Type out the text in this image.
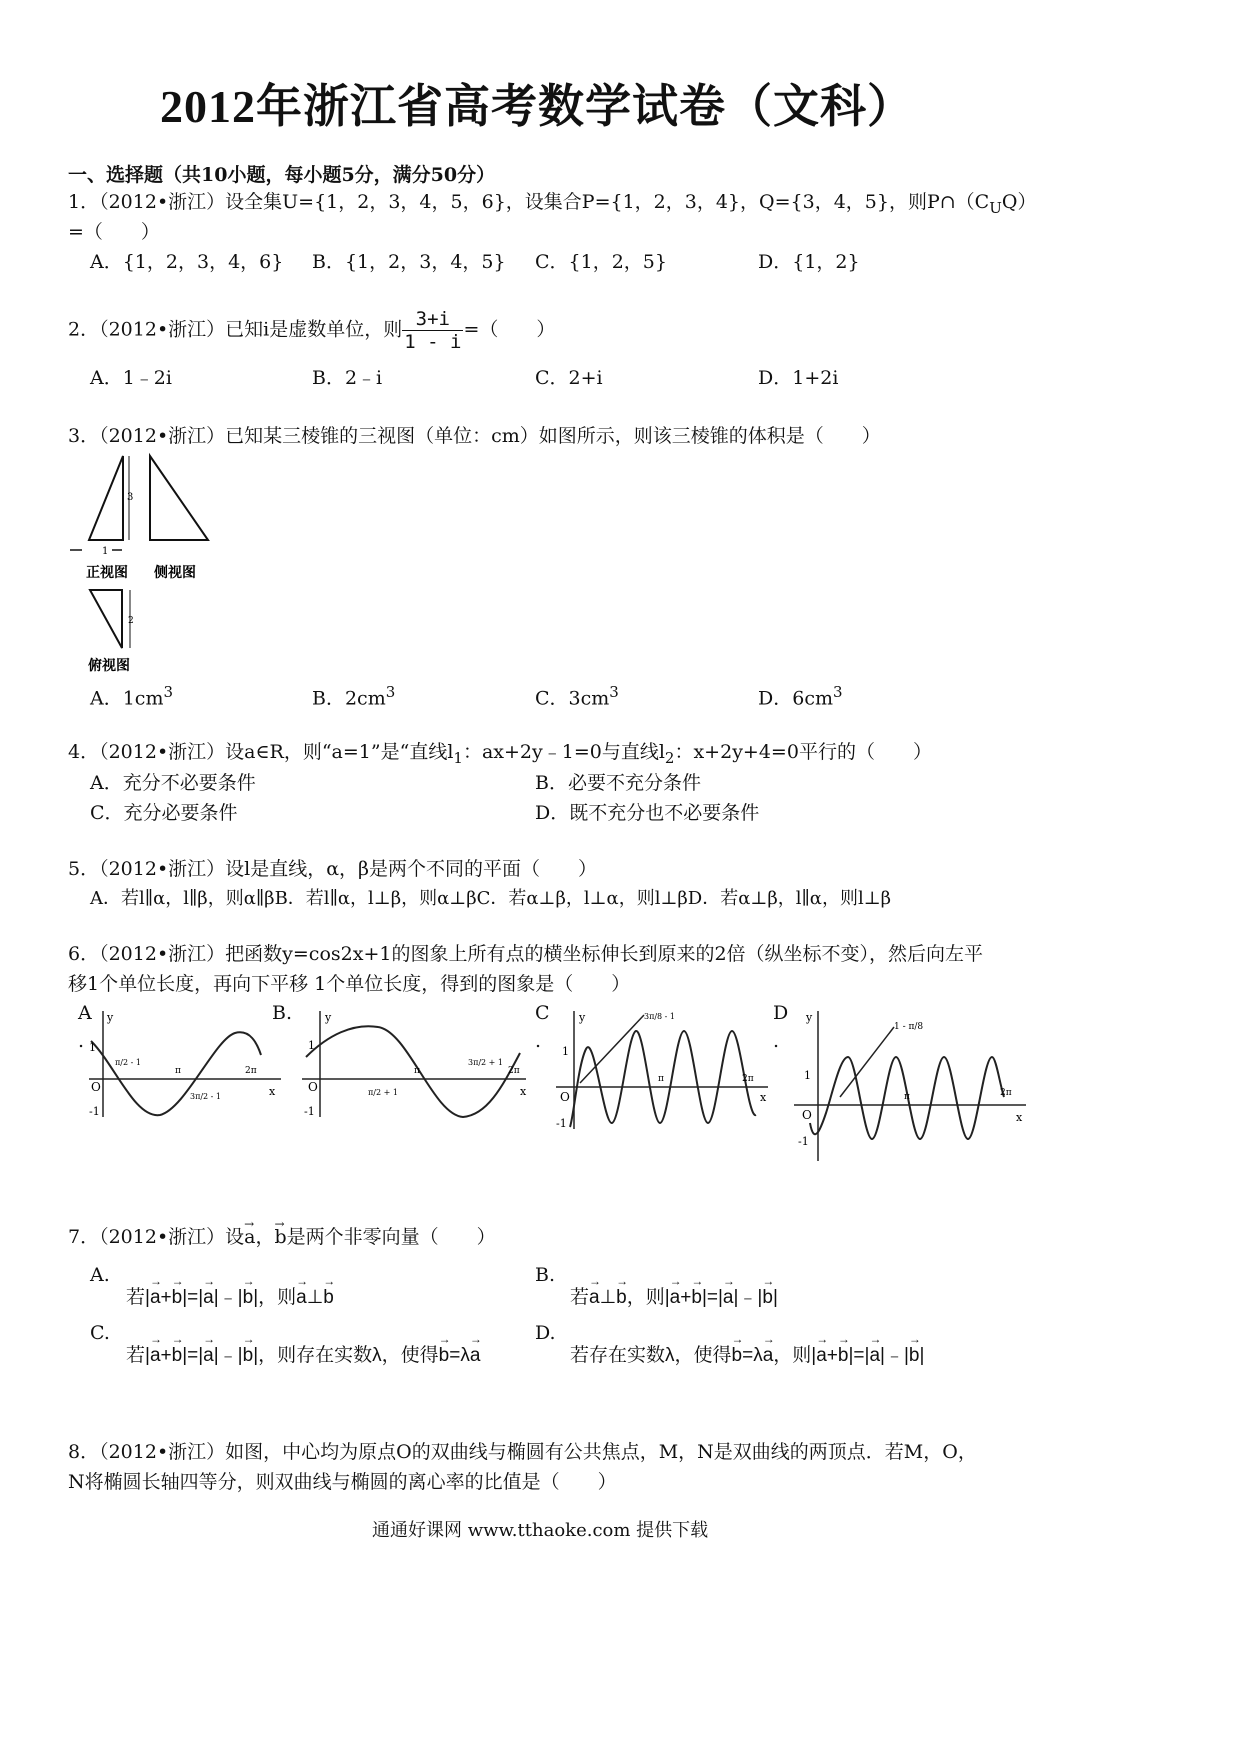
2012年浙江省高考数学试卷（文科）
一、选择题（共10小题，每小题5分，满分50分）
1．（2012•浙江）设全集U={1，2，3，4，5，6}，设集合P={1，2，3，4}，Q={3，4，5}，则$P\cap(C_UQ)$
=（　　）
A．{1，2，3，4，6} B．{1，2，3，4，5} C．{1，2，5}	D．{1，2}
2．（2012•浙江）已知i是虚数单位，则 $\frac{3+i}{1 - i}$ =（　　）
A．1﹣2i	B．2﹣i	C．2+i	D．1+2i
3．（2012•浙江）已知某三棱锥的三视图（单位：cm）如图所示，则该三棱锥的体积是（　　）
3
1
2
正视图 侧视图
俯视图
A．$1cm^3$	B．$2cm^3$	C．$3cm^3$	D．$6cm^3$
4．（2012•浙江）设a∈R，则“a=1”是“直线$l_1$：ax+2y﹣1=0与直线$l_2$：x+2y+4=0平行的（　　）
A．充分不必要条件	B．必要不充分条件
C．充分必要条件	D．既不充分也不必要条件
5．（2012•浙江）设l是直线，α，β是两个不同的平面（　　）
A．若l∥α，l∥β，则α∥βB．若l∥α，l⊥β，则α⊥βC．若α⊥β，l⊥α，则l⊥βD．若α⊥β，l∥α，则l⊥β
6．（2012•浙江）把函数y=cos2x+1的图象上所有点的横坐标伸长到原来的2倍（纵坐标不变），然后向左平
移1个单位长度，再向下平移 1个单位长度，得到的图象是（　　）
A
.
y
x
O
1
-1
π/2 - 1
π
3π/2 - 1
2π
B.	y
x
O
1
-1
π/2 + 1
π
3π/2 + 1
2π
C
.
y
x
O
1
-1
3π/8 - 1
π	2π
D
.
y
x
O
1
-1
1 - π/8
π	2π
7．（2012•浙江）设→ a，→ b是两个非零向量（　　）
A.
若|→ a+→ b|=|→ a|﹣|→ b|，则→ a⊥→ b
B.
若→ a⊥→ b，则|→ a+→ b|=|→ a|﹣|→ b|
C.
若|→ a+→ b|=|→ a|﹣|→ b|，则存在实数λ，使得→ b=λ→ a
D.
若存在实数λ，使得→ b=λ→ a，则|→ a+→ b|=|→ a|﹣|→ b|
8．（2012•浙江）如图，中心均为原点O的双曲线与椭圆有公共焦点，M，N是双曲线的两顶点．若M，O，
N将椭圆长轴四等分，则双曲线与椭圆的离心率的比值是（　　）
通通好课网 www.tthaoke.com 提供下载
